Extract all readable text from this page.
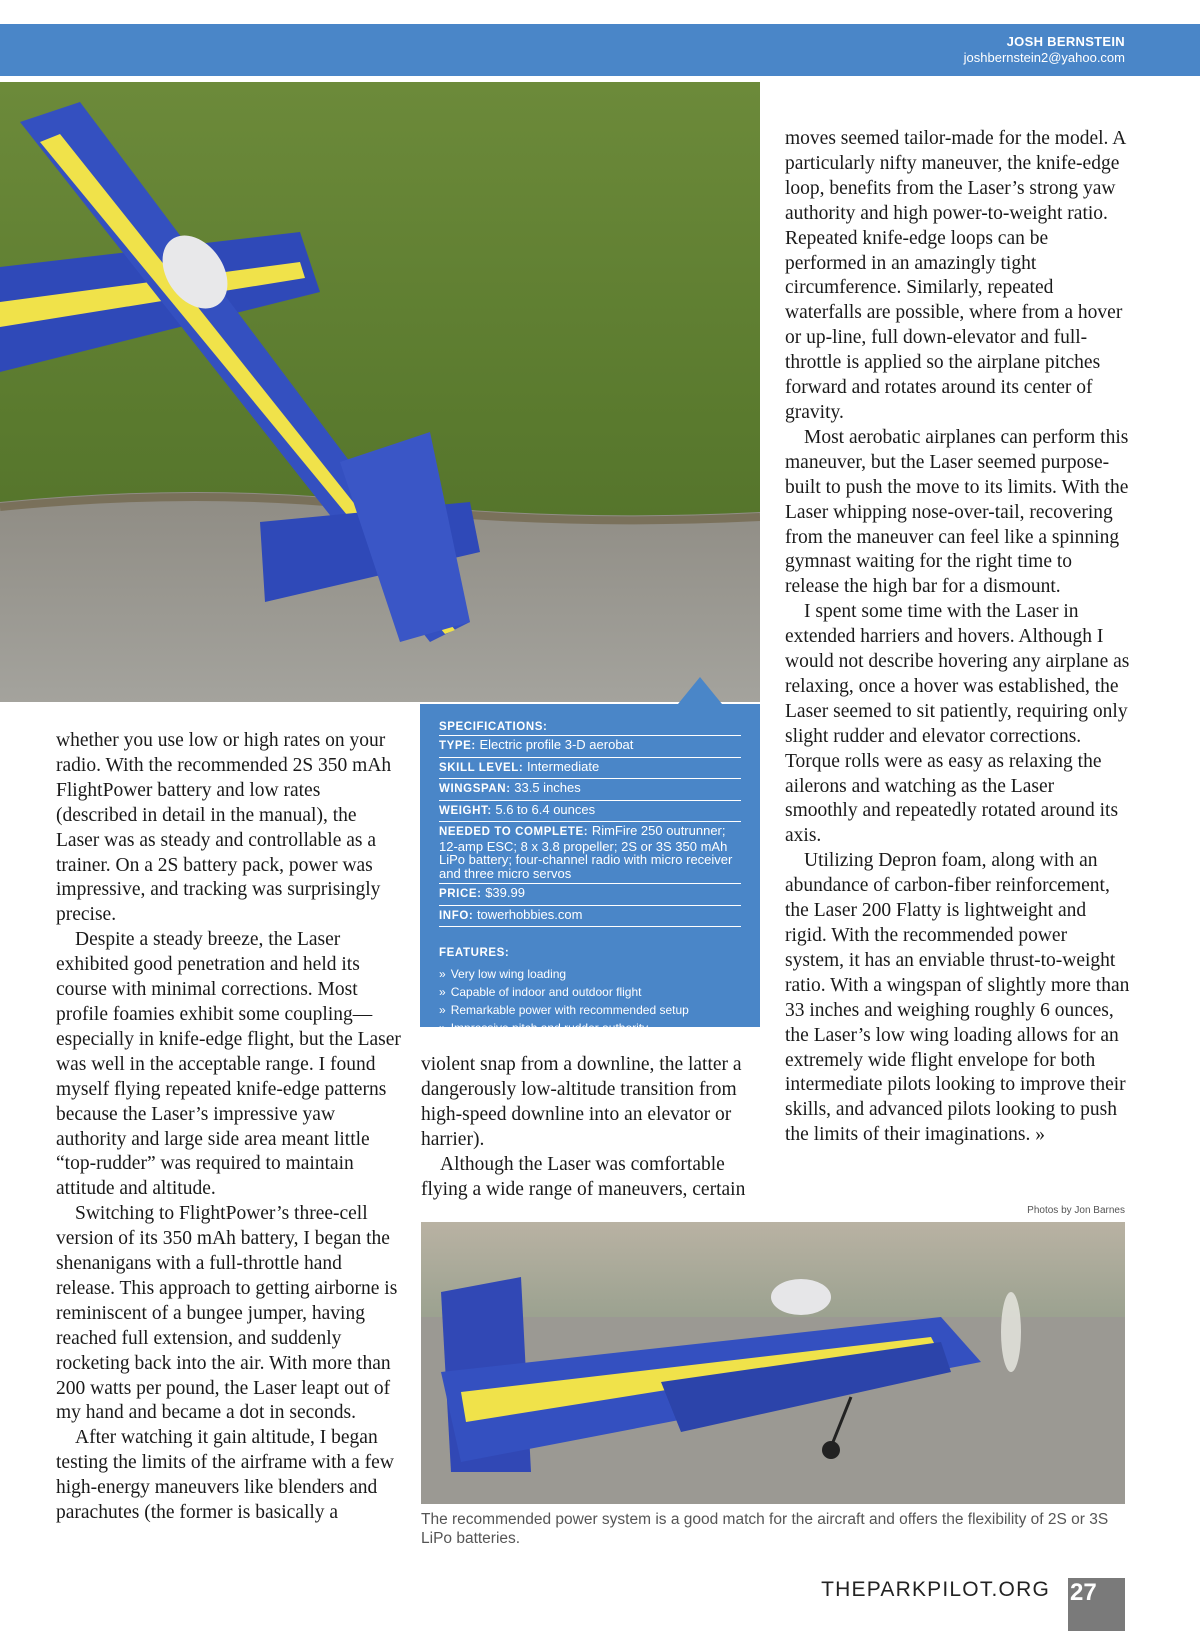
JOSH BERNSTEIN
joshbernstein2@yahoo.com
SPECIFICATIONS:
TYPE: Electric profile 3-D aerobat
SKILL LEVEL: Intermediate
WINGSPAN: 33.5 inches
WEIGHT: 5.6 to 6.4 ounces
NEEDED TO COMPLETE: RimFire 250 outrunner; 12-amp ESC; 8 x 3.8 propeller; 2S or 3S 350 mAh LiPo battery; four-channel radio with micro receiver and three micro servos
PRICE: $39.99
INFO: towerhobbies.com
FEATURES:
» Very low wing loading
» Capable of indoor and outdoor flight
» Remarkable power with recommended setup
» Impressive pitch and rudder authority

whether you use low or high rates on your radio. With the recommended 2S 350 mAh FlightPower battery and low rates (described in detail in the manual), the Laser was as steady and controllable as a trainer. On a 2S battery pack, power was impressive, and tracking was surprisingly precise.

Despite a steady breeze, the Laser exhibited good penetration and held its course with minimal corrections. Most profile foamies exhibit some coupling—especially in knife-edge flight, but the Laser was well in the acceptable range. I found myself flying repeated knife-edge patterns because the Laser’s impressive yaw authority and large side area meant little “top-rudder” was required to maintain attitude and altitude.

Switching to FlightPower’s three-cell version of its 350 mAh battery, I began the shenanigans with a full-throttle hand release. This approach to getting airborne is reminiscent of a bungee jumper, having reached full extension, and suddenly rocketing back into the air. With more than 200 watts per pound, the Laser leapt out of my hand and became a dot in seconds.

After watching it gain altitude, I began testing the limits of the airframe with a few high-energy maneuvers like blenders and parachutes (the former is basically a

violent snap from a downline, the latter a dangerously low-altitude transition from high-speed downline into an elevator or harrier).

Although the Laser was comfortable flying a wide range of maneuvers, certain

moves seemed tailor-made for the model. A particularly nifty maneuver, the knife-edge loop, benefits from the Laser’s strong yaw authority and high power-to-weight ratio. Repeated knife-edge loops can be performed in an amazingly tight circumference. Similarly, repeated waterfalls are possible, where from a hover or up-line, full down-elevator and full-throttle is applied so the airplane pitches forward and rotates around its center of gravity.

Most aerobatic airplanes can perform this maneuver, but the Laser seemed purpose-built to push the move to its limits. With the Laser whipping nose-over-tail, recovering from the maneuver can feel like a spinning gymnast waiting for the right time to release the high bar for a dismount.

I spent some time with the Laser in extended harriers and hovers. Although I would not describe hovering any airplane as relaxing, once a hover was established, the Laser seemed to sit patiently, requiring only slight rudder and elevator corrections. Torque rolls were as easy as relaxing the ailerons and watching as the Laser smoothly and repeatedly rotated around its axis.

Utilizing Depron foam, along with an abundance of carbon-fiber reinforcement, the Laser 200 Flatty is lightweight and rigid. With the recommended power system, it has an enviable thrust-to-weight ratio. With a wingspan of slightly more than 33 inches and weighing roughly 6 ounces, the Laser’s low wing loading allows for an extremely wide flight envelope for both intermediate pilots looking to improve their skills, and advanced pilots looking to push the limits of their imaginations. »

Photos by Jon Barnes
The recommended power system is a good match for the aircraft and offers the flexibility of 2S or 3S LiPo batteries.
THEPARKPILOT.ORG 27
